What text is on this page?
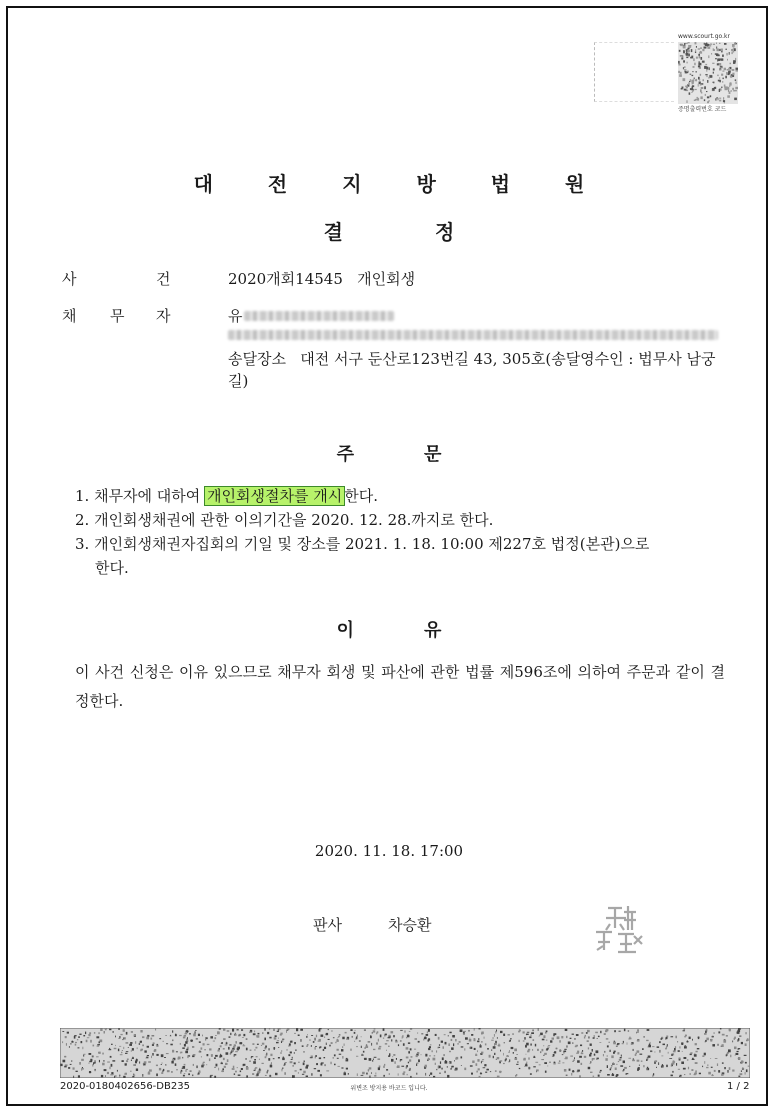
www.scourt.go.kr
증명출력번호 코드
대 전 지 방 법 원
결	정
사	건	2020개회14545   개인회생
채 무 자	유
송달장소   대전 서구 둔산로123번길 43, 305호(송달영수인 : 법무사 남궁 길)
주	문
1. 채무자에 대하여 개인회생절차를 개시 한다.
2. 개인회생채권에 관한 이의기간을 2020. 12. 28.까지로 한다.
3. 개인회생채권자집회의 기일 및 장소를 2021. 1. 18. 10:00 제227호 법정(본관)으로
한다.
이	유
이 사건 신청은 이유 있으므로 채무자 회생 및 파산에 관한 법률 제596조에 의하여 주문과 같이 결정한다.
2020. 11. 18. 17:00
판사	차승환
2020-0180402656-DB235	위변조 방지용 바코드 입니다.	1 / 2
